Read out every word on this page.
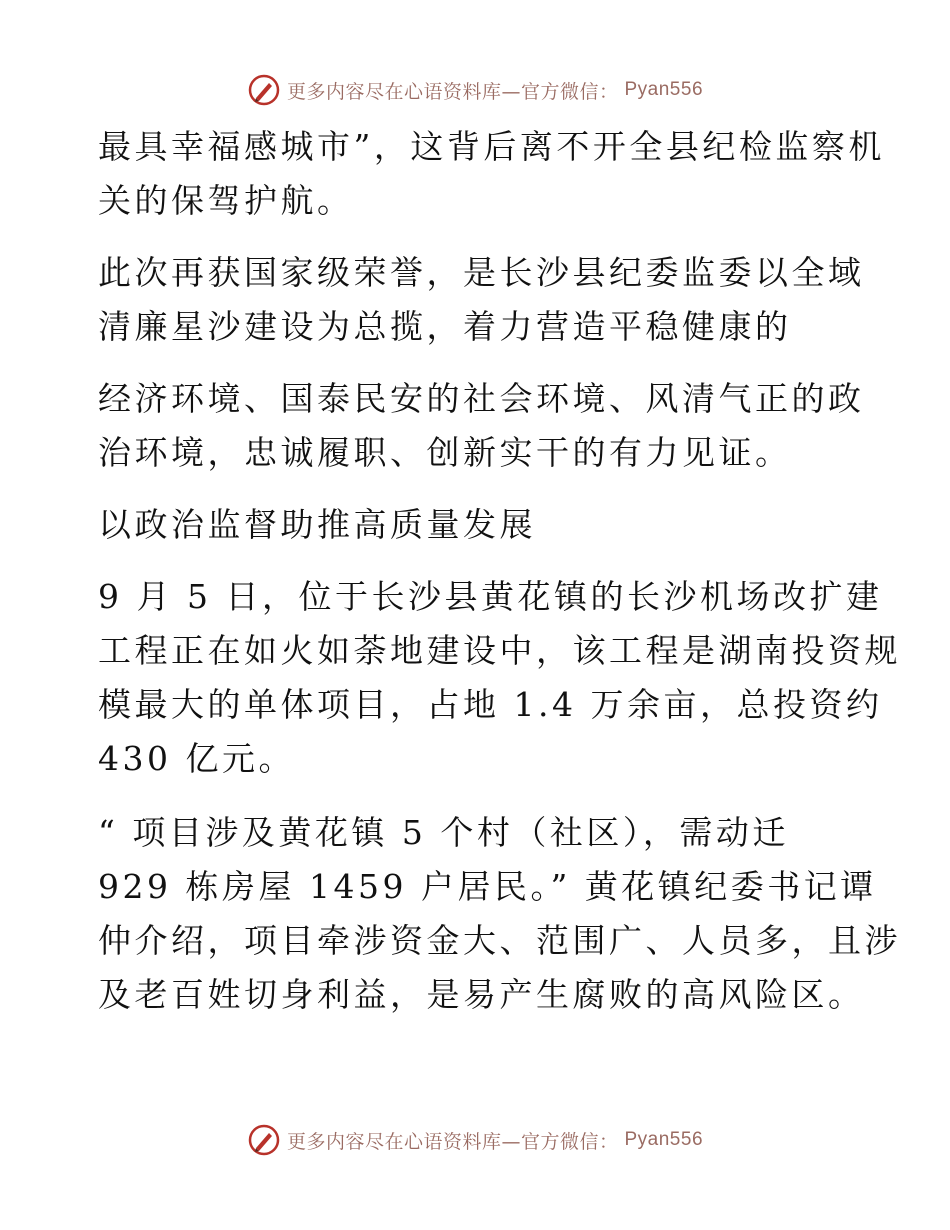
更多内容尽在心语资料库—官方微信： Pyan556

最具幸福感城市”，这背后离不开全县纪检监察机
关的保驾护航。

此次再获国家级荣誉，是长沙县纪委监委以全域
清廉星沙建设为总揽，着力营造平稳健康的

经济环境、国泰民安的社会环境、风清气正的政
治环境，忠诚履职、创新实干的有力见证。

以政治监督助推高质量发展

9 月 5 日，位于长沙县黄花镇的长沙机场改扩建
工程正在如火如荼地建设中，该工程是湖南投资规
模最大的单体项目，占地 1.4 万余亩，总投资约
430 亿元。

“ 项目涉及黄花镇 5 个村（社区），需动迁
929 栋房屋 1459 户居民。” 黄花镇纪委书记谭
仲介绍，项目牵涉资金大、范围广、人员多，且涉
及老百姓切身利益，是易产生腐败的高风险区。

更多内容尽在心语资料库—官方微信： Pyan556
